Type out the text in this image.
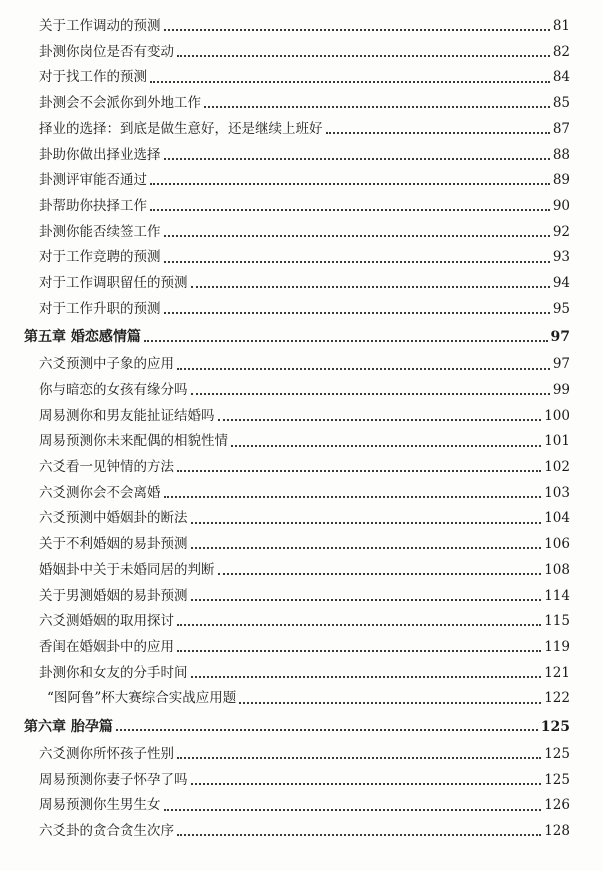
关于工作调动的预测	81
卦测你岗位是否有变动	82
对于找工作的预测	84
卦测会不会派你到外地工作	85
择业的选择：到底是做生意好，还是继续上班好	87
卦助你做出择业选择	88
卦测评审能否通过	89
卦帮助你抉择工作	90
卦测你能否续签工作	92
对于工作竞聘的预测	93
对于工作调职留任的预测	94
对于工作升职的预测	95
第五章 婚恋感情篇	97
六爻预测中子象的应用	97
你与暗恋的女孩有缘分吗	99
周易测你和男友能扯证结婚吗	100
周易预测你未来配偶的相貌性情	101
六爻看一见钟情的方法	102
六爻测你会不会离婚	103
六爻预测中婚姻卦的断法	104
关于不利婚姻的易卦预测	106
婚姻卦中关于未婚同居的判断	108
关于男测婚姻的易卦预测	114
六爻测婚姻的取用探讨	115
香闺在婚姻卦中的应用	119
卦测你和女友的分手时间	121
“图阿鲁”杯大赛综合实战应用题	122
第六章 胎孕篇	125
六爻测你所怀孩子性别	125
周易预测你妻子怀孕了吗	125
周易预测你生男生女	126
六爻卦的贪合贪生次序	128
